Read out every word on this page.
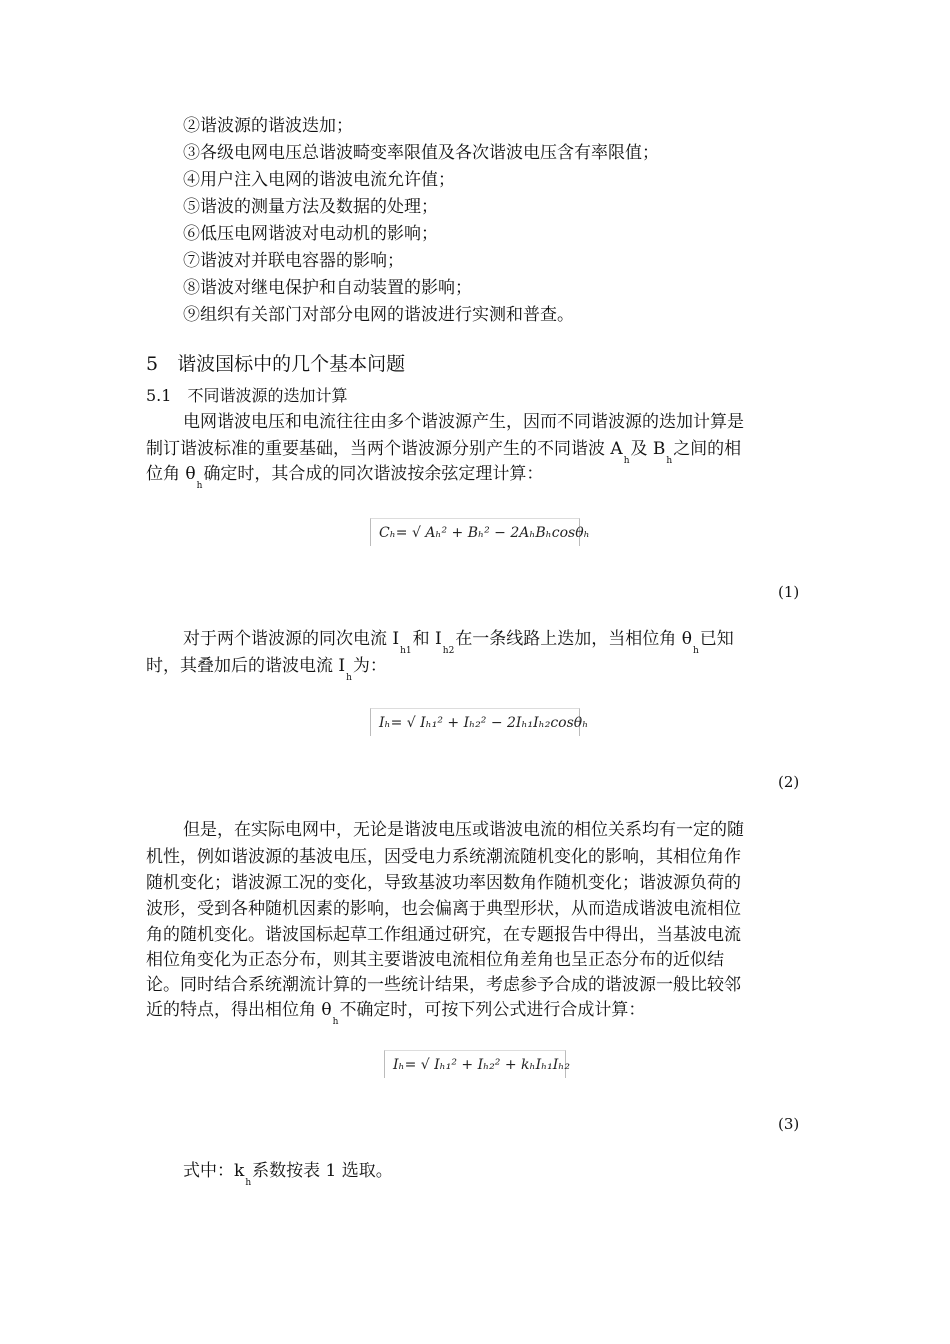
②谐波源的谐波迭加；
③各级电网电压总谐波畸变率限值及各次谐波电压含有率限值；
④用户注入电网的谐波电流允许值；
⑤谐波的测量方法及数据的处理；
⑥低压电网谐波对电动机的影响；
⑦谐波对并联电容器的影响；
⑧谐波对继电保护和自动装置的影响；
⑨组织有关部门对部分电网的谐波进行实测和普查。
5　谐波国标中的几个基本问题
5.1　不同谐波源的迭加计算
电网谐波电压和电流往往由多个谐波源产生，因而不同谐波源的迭加计算是
制订谐波标准的重要基础，当两个谐波源分别产生的不同谐波 $A_h$及 $B_h$之间的相
位角 $\theta_h$确定时，其合成的同次谐波按余弦定理计算：
Cₕ= √ Aₕ² + Bₕ² − 2AₕBₕcosθₕ
(1)
对于两个谐波源的同次电流 $I_{h1}$和 $I_{h2}$在一条线路上迭加，当相位角 $\theta_h$已知
时，其叠加后的谐波电流 $I_h$为：
Iₕ= √ Iₕ₁² + Iₕ₂² − 2Iₕ₁Iₕ₂cosθₕ
(2)
但是，在实际电网中，无论是谐波电压或谐波电流的相位关系均有一定的随
机性，例如谐波源的基波电压，因受电力系统潮流随机变化的影响，其相位角作
随机变化；谐波源工况的变化，导致基波功率因数角作随机变化；谐波源负荷的
波形，受到各种随机因素的影响，也会偏离于典型形状，从而造成谐波电流相位
角的随机变化。谐波国标起草工作组通过研究，在专题报告中得出，当基波电流
相位角变化为正态分布，则其主要谐波电流相位角差角也呈正态分布的近似结
论。同时结合系统潮流计算的一些统计结果，考虑参予合成的谐波源一般比较邻
近的特点，得出相位角 $\theta_h$不确定时，可按下列公式进行合成计算：
Iₕ= √ Iₕ₁² + Iₕ₂² + kₕIₕ₁Iₕ₂
(3)
式中：$k_h$系数按表 1 选取。
